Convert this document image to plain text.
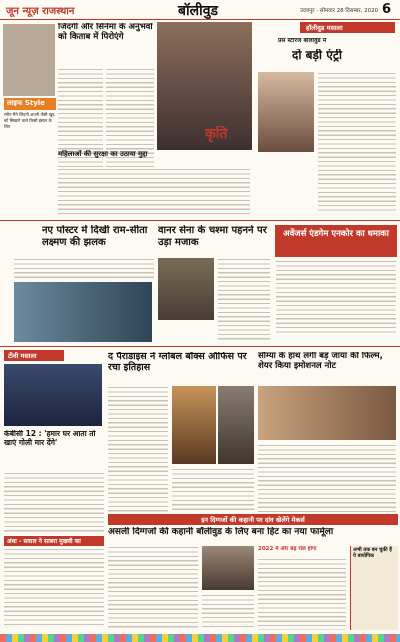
जून न्यूज़ राजस्थान	बॉलीवुड	उदयपुर · सोमवार 28 दिसम्बर, 2020 6
जिंदगी और सिनेमा के अनुभवों को किताब में पिरोएंगे
लाइफ Style
रंगीन मैंने जिंदगी अपनी जैसी खुद को सिखाने वाले किसी इंसान के लिए	कृति
महिलाओं की सुरक्षा का उठाया मुद्दा
हॉलीवुड मसाला
प्रेस स्टोरेज बॉलीवुड में
दो बड़ी एंट्री
नए पोस्टर में दिखी राम-सीता लक्ष्मण की झलक
वानर सेना के चश्मा पहनने पर उड़ा मजाक
अवेंजर्स एंडगेम एनकोर का धमाका
टीवी मसाला
केबीसी 12 : 'हमार घर आता तो खाएं गोली मार देंगे'
द पैराडाइस ने ग्लोबल बॉक्स ऑफिस पर रचा इतिहास
सौम्या के हाथ लगी बड़ जाया की फिल्म, शेयर किया इमोशनल नोट
अंधा - सवाल ने साबरा मुखवी का
इन दिग्गजों की कहानी पर दांव खेलेंगे मेकर्स
असली दिग्गजों की कहानी बॉलीवुड के लिए बना हिट का नया फार्मूला
2022 में और बढ़ रोल होगा	अभी तक बन चुकी हैं ये बायोपिक
